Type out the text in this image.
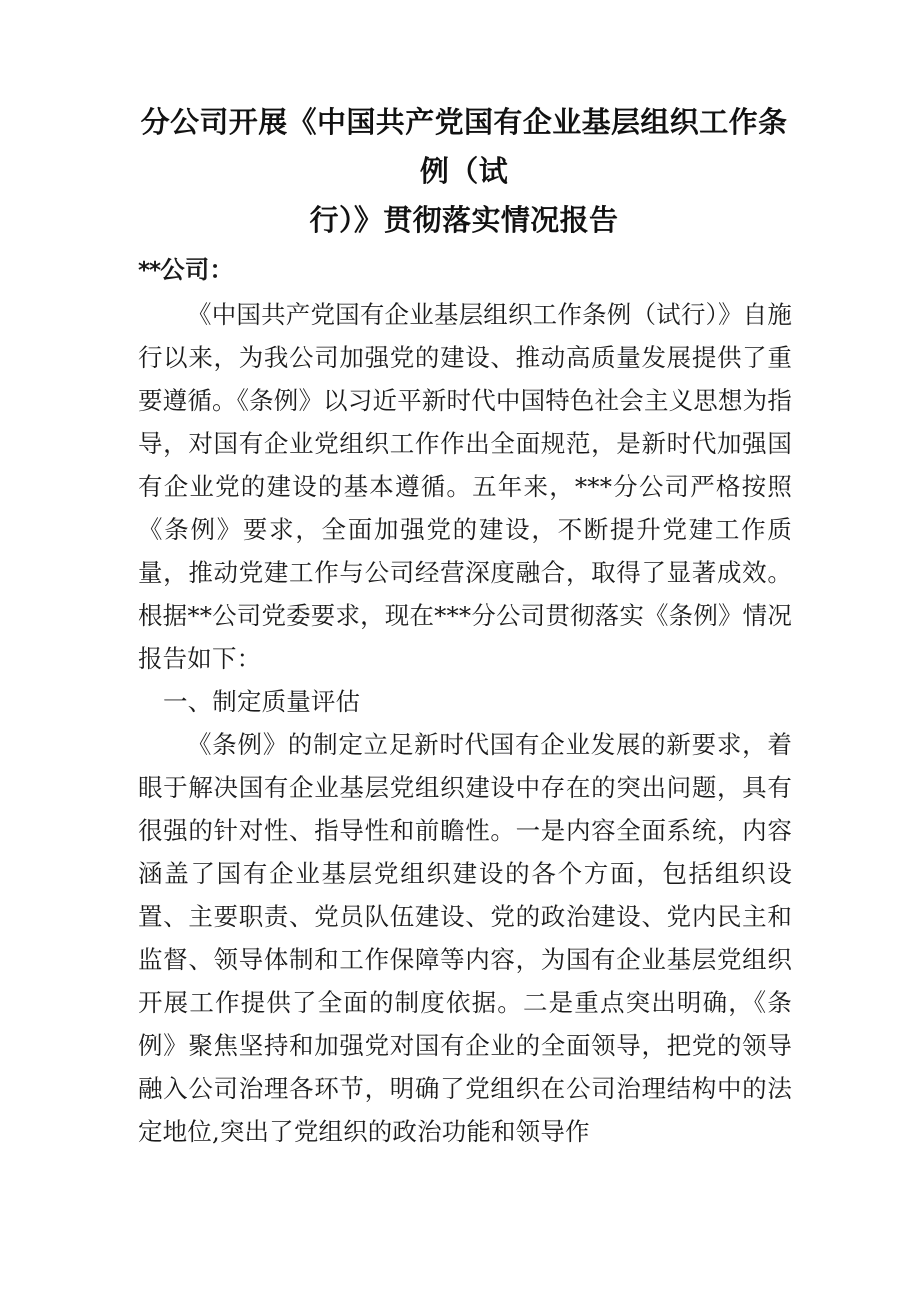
分公司开展《中国共产党国有企业基层组织工作条例（试
行）》贯彻落实情况报告

**公司：

《中国共产党国有企业基层组织工作条例（试行）》自施行以来，为我公司加强党的建设、推动高质量发展提供了重要遵循。《条例》以习近平新时代中国特色社会主义思想为指导，对国有企业党组织工作作出全面规范，是新时代加强国有企业党的建设的基本遵循。五年来，***分公司严格按照《条例》要求，全面加强党的建设，不断提升党建工作质量，推动党建工作与公司经营深度融合，取得了显著成效。根据**公司党委要求，现在***分公司贯彻落实《条例》情况报告如下：

一、制定质量评估

《条例》的制定立足新时代国有企业发展的新要求，着眼于解决国有企业基层党组织建设中存在的突出问题，具有很强的针对性、指导性和前瞻性。一是内容全面系统，内容涵盖了国有企业基层党组织建设的各个方面，包括组织设置、主要职责、党员队伍建设、党的政治建设、党内民主和监督、领导体制和工作保障等内容，为国有企业基层党组织开展工作提供了全面的制度依据。二是重点突出明确，《条例》聚焦坚持和加强党对国有企业的全面领导，把党的领导融入公司治理各环节，明确了党组织在公司治理结构中的法定地位,突出了党组织的政治功能和领导作
